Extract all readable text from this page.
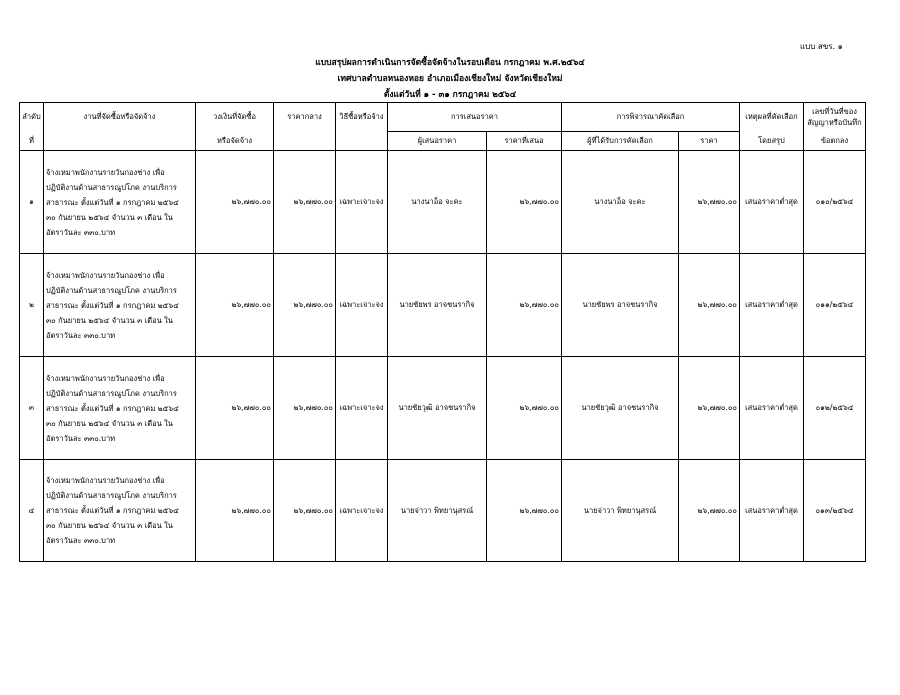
แบบ สขร. ๑
แบบสรุปผลการดำเนินการจัดซื้อจัดจ้างในรอบเดือน กรกฎาคม พ.ศ.๒๕๖๔
เทศบาลตำบลหนองหอย อำเภอเมืองเชียงใหม่ จังหวัดเชียงใหม่
ตั้งแต่วันที่ ๑ - ๓๑ กรกฎาคม ๒๕๖๔
ลำดับ	งานที่จัดซื้อหรือจัดจ้าง	วงเงินที่จัดซื้อ	ราคากลาง	วิธีซื้อหรือจ้าง	การเสนอราคา		การพิจารณาคัดเลือก		เหตุผลที่คัดเลือก	เลขที่วันที่ของ
สัญญาหรือบันทึก

ที่		หรือจัดจ้าง			ผู้เสนอราคา	ราคาที่เสนอ	ผู้ที่ได้รับการคัดเลือก	ราคา	โดยสรุป	ข้อตกลง
๑	จ้างเหมาพนักงานรายวันกองช่าง เพื่อ
ปฏิบัติงานด้านสาธารณูปโภค งานบริการ
สาธารณะ ตั้งแต่วันที่ ๑ กรกฎาคม ๒๕๖๔
๓๐ กันยายน ๒๕๖๔ จำนวน ๓ เดือน ใน
อัตราวันละ ๓๓๐.บาท	๒๖,๗๗๐.๐๐	๒๖,๗๗๐.๐๐	เฉพาะเจาะจง	นางนาอ็อ จะคะ	๒๖,๗๗๐.๐๐	นางนาอ็อ จะคะ	๒๖,๗๗๐.๐๐	เสนอราคาต่ำสุด	๐๑๐/๒๕๖๔
๒	จ้างเหมาพนักงานรายวันกองช่าง เพื่อ
ปฏิบัติงานด้านสาธารณูปโภค งานบริการ
สาธารณะ ตั้งแต่วันที่ ๑ กรกฎาคม ๒๕๖๔
๓๐ กันยายน ๒๕๖๔ จำนวน ๓ เดือน ใน
อัตราวันละ ๓๓๐.บาท	๒๖,๗๗๐.๐๐	๒๖,๗๗๐.๐๐	เฉพาะเจาะจง	นายชัยพร อาจชนรากิจ	๒๖,๗๗๐.๐๐	นายชัยพร อาจชนรากิจ	๒๖,๗๗๐.๐๐	เสนอราคาต่ำสุด	๐๑๑/๒๕๖๔
๓	จ้างเหมาพนักงานรายวันกองช่าง เพื่อ
ปฏิบัติงานด้านสาธารณูปโภค งานบริการ
สาธารณะ ตั้งแต่วันที่ ๑ กรกฎาคม ๒๕๖๔
๓๐ กันยายน ๒๕๖๔ จำนวน ๓ เดือน ใน
อัตราวันละ ๓๓๐.บาท	๒๖,๗๗๐.๐๐	๒๖,๗๗๐.๐๐	เฉพาะเจาะจง	นายชัยวุฒิ อาจชนรากิจ	๒๖,๗๗๐.๐๐	นายชัยวุฒิ อาจชนรากิจ	๒๖,๗๗๐.๐๐	เสนอราคาต่ำสุด	๐๑๒/๒๕๖๔
๔	จ้างเหมาพนักงานรายวันกองช่าง เพื่อ
ปฏิบัติงานด้านสาธารณูปโภค งานบริการ
สาธารณะ ตั้งแต่วันที่ ๑ กรกฎาคม ๒๕๖๔
๓๐ กันยายน ๒๕๖๔ จำนวน ๓ เดือน ใน
อัตราวันละ ๓๓๐.บาท	๒๖,๗๗๐.๐๐	๒๖,๗๗๐.๐๐	เฉพาะเจาะจง	นายจ่าวา พิทยานุสรณ์	๒๖,๗๗๐.๐๐	นายจ่าวา พิทยานุสรณ์	๒๖,๗๗๐.๐๐	เสนอราคาต่ำสุด	๐๑๓/๒๕๖๔
